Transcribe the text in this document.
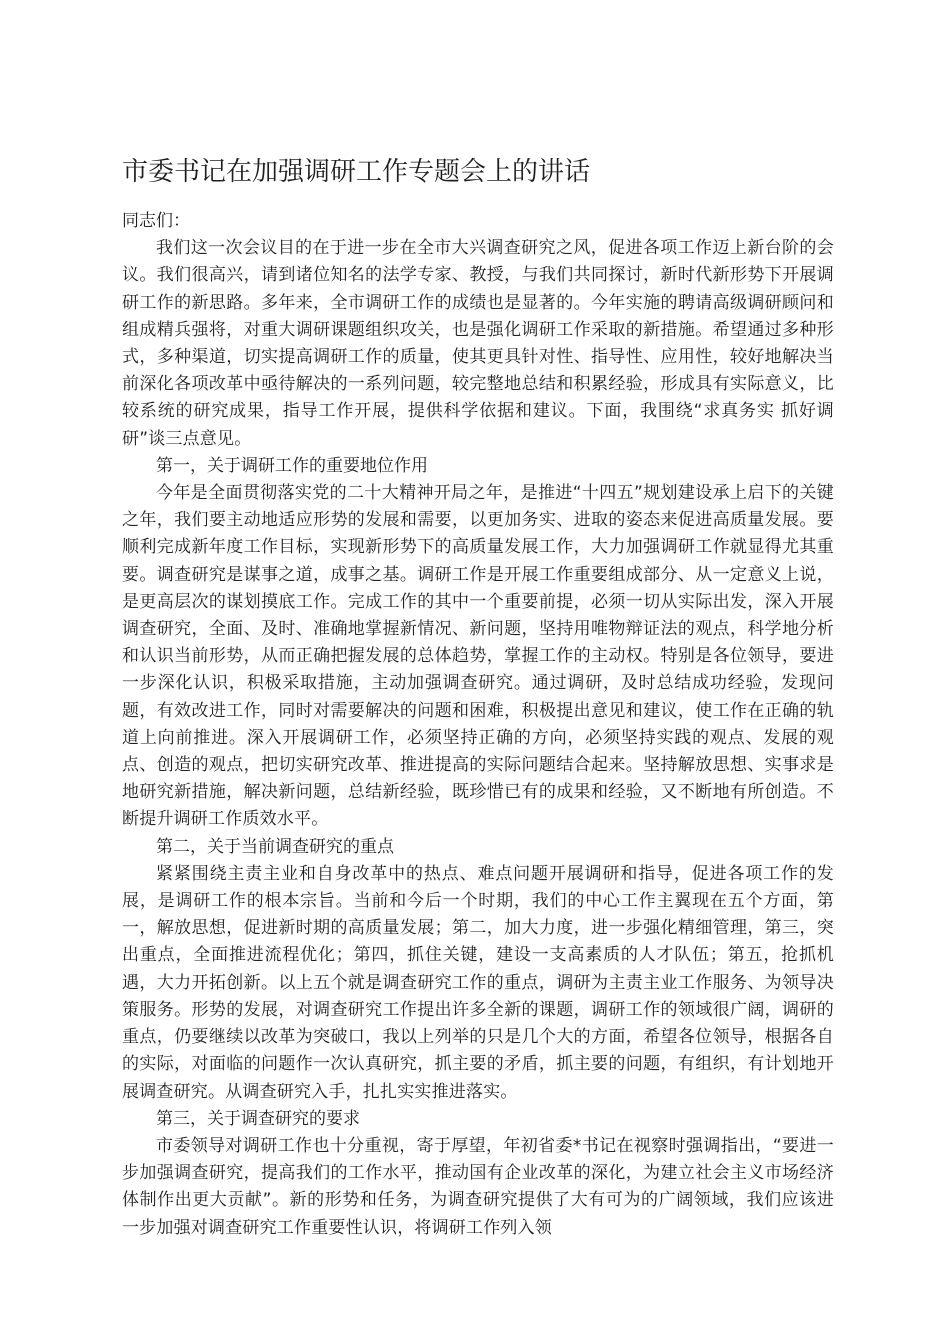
市委书记在加强调研工作专题会上的讲话

同志们：

我们这一次会议目的在于进一步在全市大兴调查研究之风，促进各项工作迈上新台阶的会议。我们很高兴，请到诸位知名的法学专家、教授，与我们共同探讨，新时代新形势下开展调研工作的新思路。多年来，全市调研工作的成绩也是显著的。今年实施的聘请高级调研顾问和组成精兵强将，对重大调研课题组织攻关，也是强化调研工作采取的新措施。希望通过多种形式，多种渠道，切实提高调研工作的质量，使其更具针对性、指导性、应用性，较好地解决当前深化各项改革中亟待解决的一系列问题，较完整地总结和积累经验，形成具有实际意义，比较系统的研究成果，指导工作开展，提供科学依据和建议。下面，我围绕“求真务实 抓好调研”谈三点意见。

第一，关于调研工作的重要地位作用

今年是全面贯彻落实党的二十大精神开局之年，是推进“十四五”规划建设承上启下的关键之年，我们要主动地适应形势的发展和需要，以更加务实、进取的姿态来促进高质量发展。要顺利完成新年度工作目标，实现新形势下的高质量发展工作，大力加强调研工作就显得尤其重要。调查研究是谋事之道，成事之基。调研工作是开展工作重要组成部分、从一定意义上说，是更高层次的谋划摸底工作。完成工作的其中一个重要前提，必须一切从实际出发，深入开展调查研究，全面、及时、准确地掌握新情况、新问题，坚持用唯物辩证法的观点，科学地分析和认识当前形势，从而正确把握发展的总体趋势，掌握工作的主动权。特别是各位领导，要进一步深化认识，积极采取措施，主动加强调查研究。通过调研，及时总结成功经验，发现问题，有效改进工作，同时对需要解决的问题和困难，积极提出意见和建议，使工作在正确的轨道上向前推进。深入开展调研工作，必须坚持正确的方向，必须坚持实践的观点、发展的观点、创造的观点，把切实研究改革、推进提高的实际问题结合起来。坚持解放思想、实事求是地研究新措施，解决新问题，总结新经验，既珍惜已有的成果和经验，又不断地有所创造。不断提升调研工作质效水平。

第二，关于当前调查研究的重点

紧紧围绕主责主业和自身改革中的热点、难点问题开展调研和指导，促进各项工作的发展，是调研工作的根本宗旨。当前和今后一个时期，我们的中心工作主翼现在五个方面，第一，解放思想，促进新时期的高质量发展；第二，加大力度，进一步强化精细管理，第三，突出重点，全面推进流程优化；第四，抓住关键，建设一支高素质的人才队伍；第五，抢抓机遇，大力开拓创新。以上五个就是调查研究工作的重点，调研为主责主业工作服务、为领导决策服务。形势的发展，对调查研究工作提出许多全新的课题，调研工作的领域很广阔，调研的重点，仍要继续以改革为突破口，我以上列举的只是几个大的方面，希望各位领导，根据各自的实际，对面临的问题作一次认真研究，抓主要的矛盾，抓主要的问题，有组织，有计划地开展调查研究。从调查研究入手，扎扎实实推进落实。

第三，关于调查研究的要求

市委领导对调研工作也十分重视，寄于厚望，年初省委*书记在视察时强调指出，“要进一步加强调查研究，提高我们的工作水平，推动国有企业改革的深化，为建立社会主义市场经济体制作出更大贡献”。新的形势和任务，为调查研究提供了大有可为的广阔领域，我们应该进一步加强对调查研究工作重要性认识，将调研工作列入领
